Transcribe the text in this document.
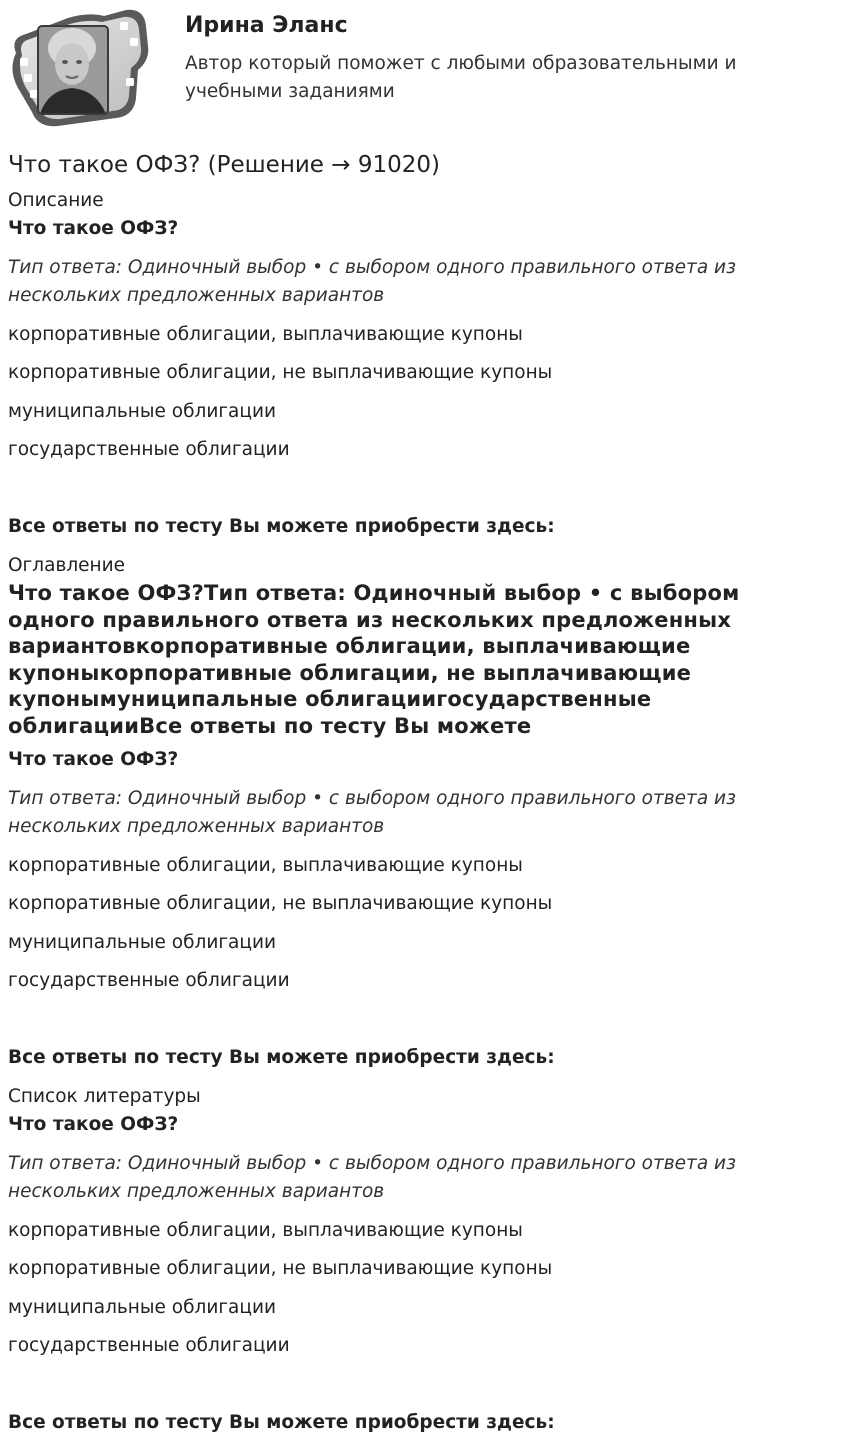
Ирина Эланс
Автор который поможет с любыми образовательными и учебными заданиями
Что такое ОФЗ? (Решение → 91020)
Описание
Что такое ОФЗ?
Тип ответа: Одиночный выбор • с выбором одного правильного ответа из нескольких предложенных вариантов
корпоративные облигации, выплачивающие купоны
корпоративные облигации, не выплачивающие купоны
муниципальные облигации
государственные облигации
Все ответы по тесту Вы можете приобрести здесь:
Оглавление
Что такое ОФЗ?Тип ответа: Одиночный выбор • с выбором одного правильного ответа из нескольких предложенных вариантовкорпоративные облигации, выплачивающие купоныкорпоративные облигации, не выплачивающие купонымуниципальные облигациигосударственные облигацииВсе ответы по тесту Вы можете
Что такое ОФЗ?
Тип ответа: Одиночный выбор • с выбором одного правильного ответа из нескольких предложенных вариантов
корпоративные облигации, выплачивающие купоны
корпоративные облигации, не выплачивающие купоны
муниципальные облигации
государственные облигации
Все ответы по тесту Вы можете приобрести здесь:
Список литературы
Что такое ОФЗ?
Тип ответа: Одиночный выбор • с выбором одного правильного ответа из нескольких предложенных вариантов
корпоративные облигации, выплачивающие купоны
корпоративные облигации, не выплачивающие купоны
муниципальные облигации
государственные облигации
Все ответы по тесту Вы можете приобрести здесь:
